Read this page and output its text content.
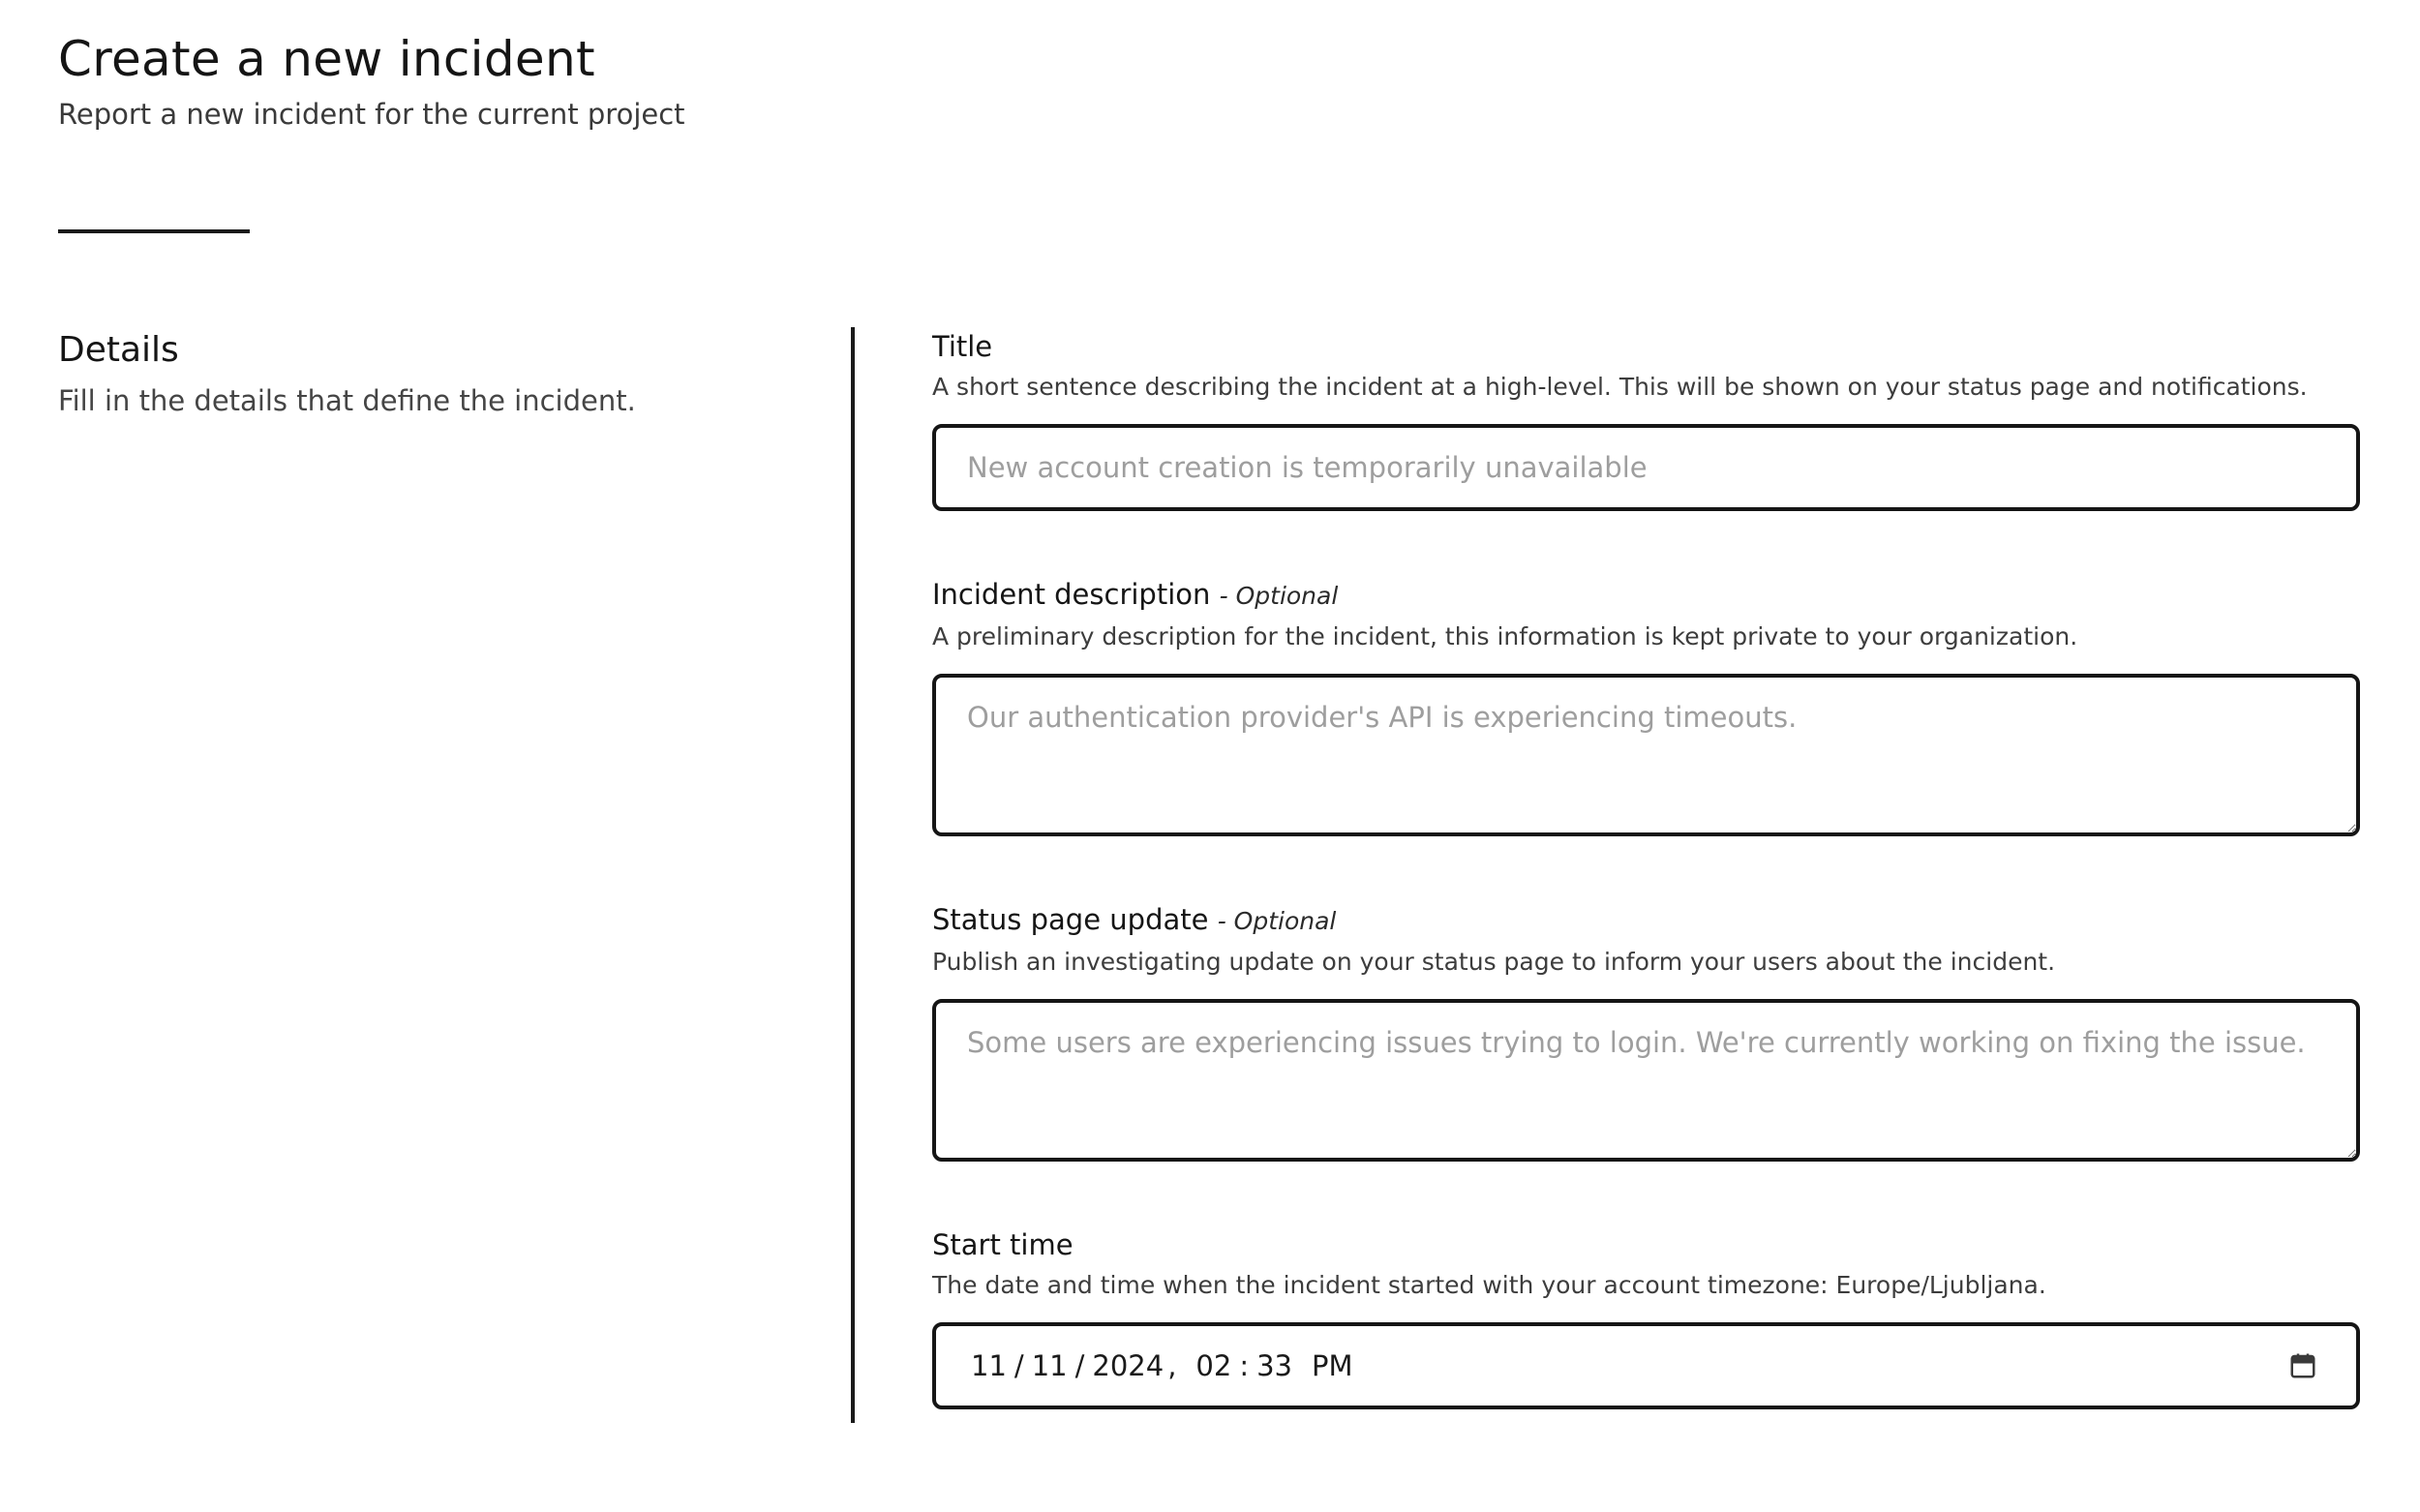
Create a new incident
Report a new incident for the current project
Details
Fill in the details that define the incident.
Title
A short sentence describing the incident at a high-level. This will be shown on your status page and notifications.
New account creation is temporarily unavailable
Incident description - Optional
A preliminary description for the incident, this information is kept private to your organization.
Our authentication provider's API is experiencing timeouts.
Status page update - Optional
Publish an investigating update on your status page to inform your users about the incident.
Some users are experiencing issues trying to login. We're currently working on fixing the issue.
Start time
The date and time when the incident started with your account timezone: Europe/Ljubljana.
11 / 11 / 2024 , 02 : 33 PM
